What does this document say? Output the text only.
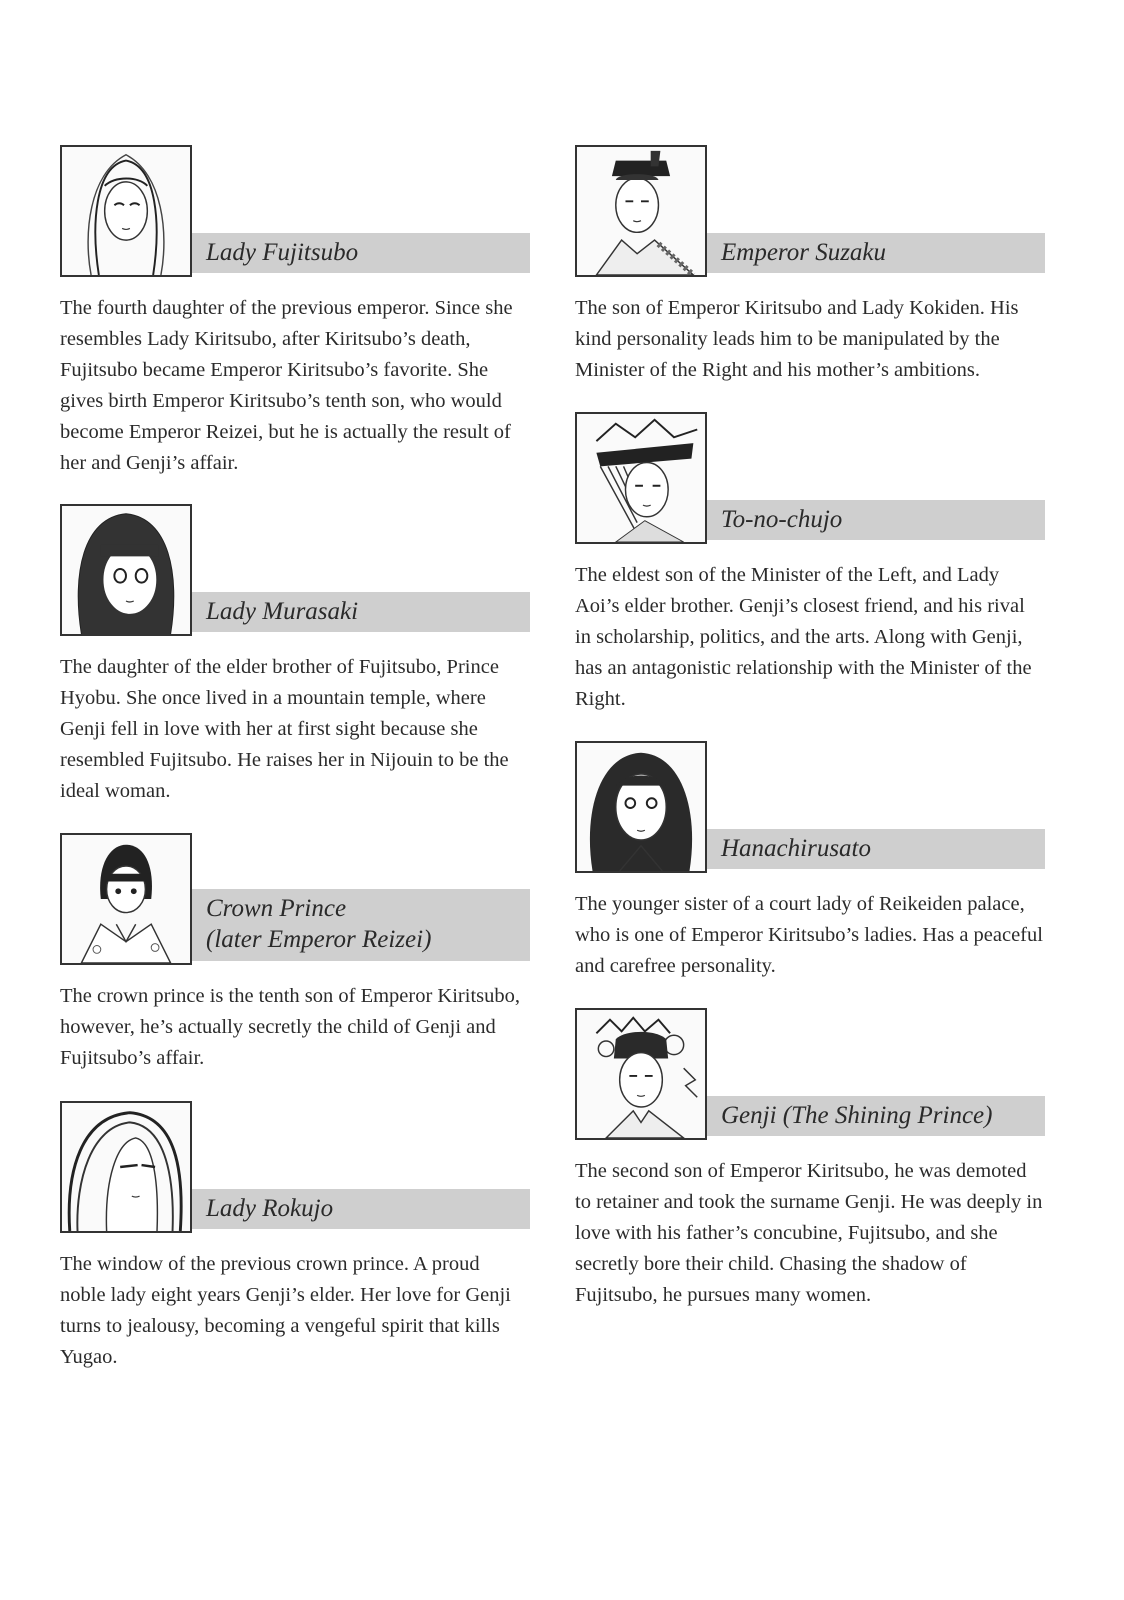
Lady Fujitsubo

The fourth daughter of the previous emperor. Since she resembles Lady Kiritsubo, after Kiritsubo’s death, Fujitsubo became Emperor Kiritsubo’s favorite. She gives birth Emperor Kiritsubo’s tenth son, who would become Emperor Reizei, but he is actually the result of her and Genji’s affair.

Lady Murasaki

The daughter of the elder brother of Fujitsubo, Prince Hyobu. She once lived in a mountain temple, where Genji fell in love with her at first sight because she resembled Fujitsubo. He raises her in Nijouin to be the ideal woman.

Crown Prince
(later Emperor Reizei)

The crown prince is the tenth son of Emperor Kiritsubo, however, he’s actually secretly the child of Genji and Fujitsubo’s affair.

Lady Rokujo

The window of the previous crown prince. A proud noble lady eight years Genji’s elder. Her love for Genji turns to jealousy, becoming a vengeful spirit that kills Yugao.

Emperor Suzaku

The son of Emperor Kiritsubo and Lady Kokiden. His kind personality leads him to be manipulated by the Minister of the Right and his mother’s ambitions.

To-no-chujo

The eldest son of the Minister of the Left, and Lady Aoi’s elder brother. Genji’s closest friend, and his rival in scholarship, politics, and the arts. Along with Genji, has an antagonistic relationship with the Minister of the Right.

Hanachirusato

The younger sister of a court lady of Reikeiden palace, who is one of Emperor Kiritsubo’s ladies. Has a peaceful and carefree personality.

Genji (The Shining Prince)

The second son of Emperor Kiritsubo, he was demoted to retainer and took the surname Genji. He was deeply in love with his father’s concubine, Fujitsubo, and she secretly bore their child. Chasing the shadow of Fujitsubo, he pursues many women.
